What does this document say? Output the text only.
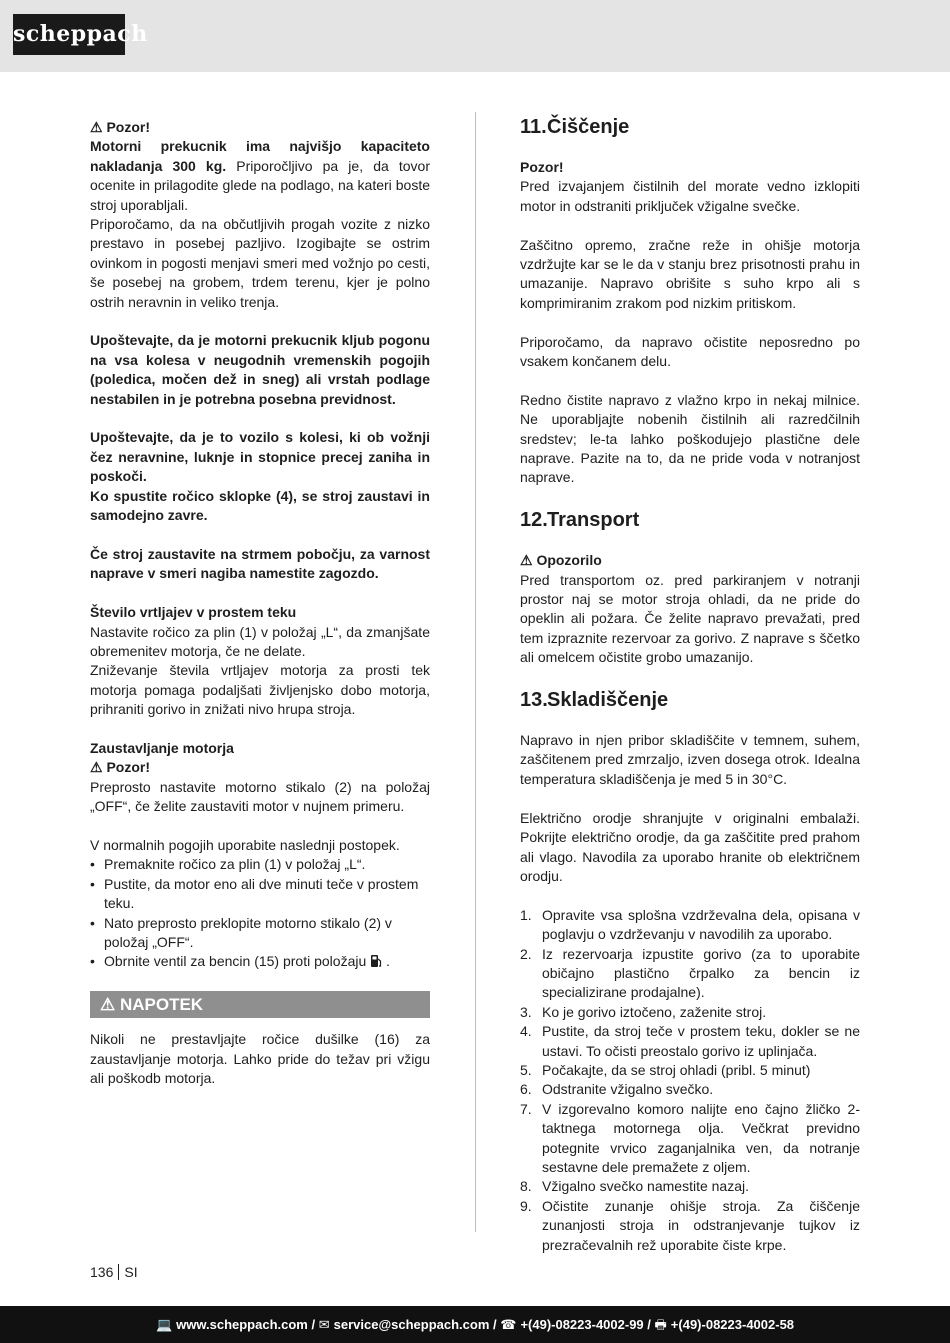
scheppach

⚠ Pozor!
Motorni prekucnik ima najvišjo kapaciteto nakladanja 300 kg. Priporočljivo pa je, da tovor ocenite in prilagodite glede na podlago, na kateri boste stroj uporabljali.
Priporočamo, da na občutljivih progah vozite z nizko prestavo in posebej pazljivo. Izogibajte se ostrim ovinkom in pogosti menjavi smeri med vožnjo po cesti, še posebej na grobem, trdem terenu, kjer je polno ostrih neravnin in veliko trenja.

Upoštevajte, da je motorni prekucnik kljub pogonu na vsa kolesa v neugodnih vremenskih pogojih (poledica, močen dež in sneg) ali vrstah podlage nestabilen in je potrebna posebna previdnost.

Upoštevajte, da je to vozilo s kolesi, ki ob vožnji čez neravnine, luknje in stopnice precej zaniha in poskoči.
Ko spustite ročico sklopke (4), se stroj zaustavi in samodejno zavre.

Če stroj zaustavite na strmem pobočju, za varnost naprave v smeri nagiba namestite zagozdo.

Število vrtljajev v prostem teku
Nastavite ročico za plin (1) v položaj „L“, da zmanjšate obremenitev motorja, če ne delate.
Zniževanje števila vrtljajev motorja za prosti tek motorja pomaga podaljšati življenjsko dobo motorja, prihraniti gorivo in znižati nivo hrupa stroja.

Zaustavljanje motorja
⚠ Pozor!
Preprosto nastavite motorno stikalo (2) na položaj „OFF“, če želite zaustaviti motor v nujnem primeru.

V normalnih pogojih uporabite naslednji postopek.

• Premaknite ročico za plin (1) v položaj „L“.
• Pustite, da motor eno ali dve minuti teče v prostem teku.
• Nato preprosto preklopite motorno stikalo (2) v položaj „OFF“.
• Obrnite ventil za bencin (15) proti položaju  .
⚠ NAPOTEK

Nikoli ne prestavljajte ročice dušilke (16) za zaustavljanje motorja. Lahko pride do težav pri vžigu ali poškodb motorja.

11.Čiščenje

Pozor!
Pred izvajanjem čistilnih del morate vedno izklopiti motor in odstraniti priključek vžigalne svečke.

Zaščitno opremo, zračne reže in ohišje motorja vzdržujte kar se le da v stanju brez prisotnosti prahu in umazanije. Napravo obrišite s suho krpo ali s komprimiranim zrakom pod nizkim pritiskom.

Priporočamo, da napravo očistite neposredno po vsakem končanem delu.

Redno čistite napravo z vlažno krpo in nekaj milnice. Ne uporabljajte nobenih čistilnih ali razredčilnih sredstev; le-ta lahko poškodujejo plastične dele naprave. Pazite na to, da ne pride voda v notranjost naprave.

12.Transport

⚠ Opozorilo
Pred transportom oz. pred parkiranjem v notranji prostor naj se motor stroja ohladi, da ne pride do opeklin ali požara. Če želite napravo prevažati, pred tem izpraznite rezervoar za gorivo. Z naprave s ščetko ali omelcem očistite grobo umazanijo.

13.Skladiščenje

Napravo in njen pribor skladiščite v temnem, suhem, zaščitenem pred zmrzaljo, izven dosega otrok. Idealna temperatura skladiščenja je med 5 in 30°C.

Električno orodje shranjujte v originalni embalaži. Pokrijte električno orodje, da ga zaščitite pred prahom ali vlago. Navodila za uporabo hranite ob električnem orodju.

1. Opravite vsa splošna vzdrževalna dela, opisana v poglavju o vzdrževanju v navodilih za uporabo.
2. Iz rezervoarja izpustite gorivo (za to uporabite običajno plastično črpalko za bencin iz specializirane prodajalne).
3. Ko je gorivo iztočeno, zaženite stroj.
4. Pustite, da stroj teče v prostem teku, dokler se ne ustavi. To očisti preostalo gorivo iz uplinjača.
5. Počakajte, da se stroj ohladi (pribl. 5 minut)
6. Odstranite vžigalno svečko.
7. V izgorevalno komoro nalijte eno čajno žličko 2-taktnega motornega olja. Večkrat previdno potegnite vrvico zaganjalnika ven, da notranje sestavne dele premažete z oljem.
8. Vžigalno svečko namestite nazaj.
9. Očistite zunanje ohišje stroja. Za čiščenje zunanjosti stroja in odstranjevanje tujkov iz prezračevalnih rež uporabite čiste krpe.
136 SI
💻 www.scheppach.com / ✉ service@scheppach.com / ☎ +(49)-08223-4002-99 / 🖶 +(49)-08223-4002-58
